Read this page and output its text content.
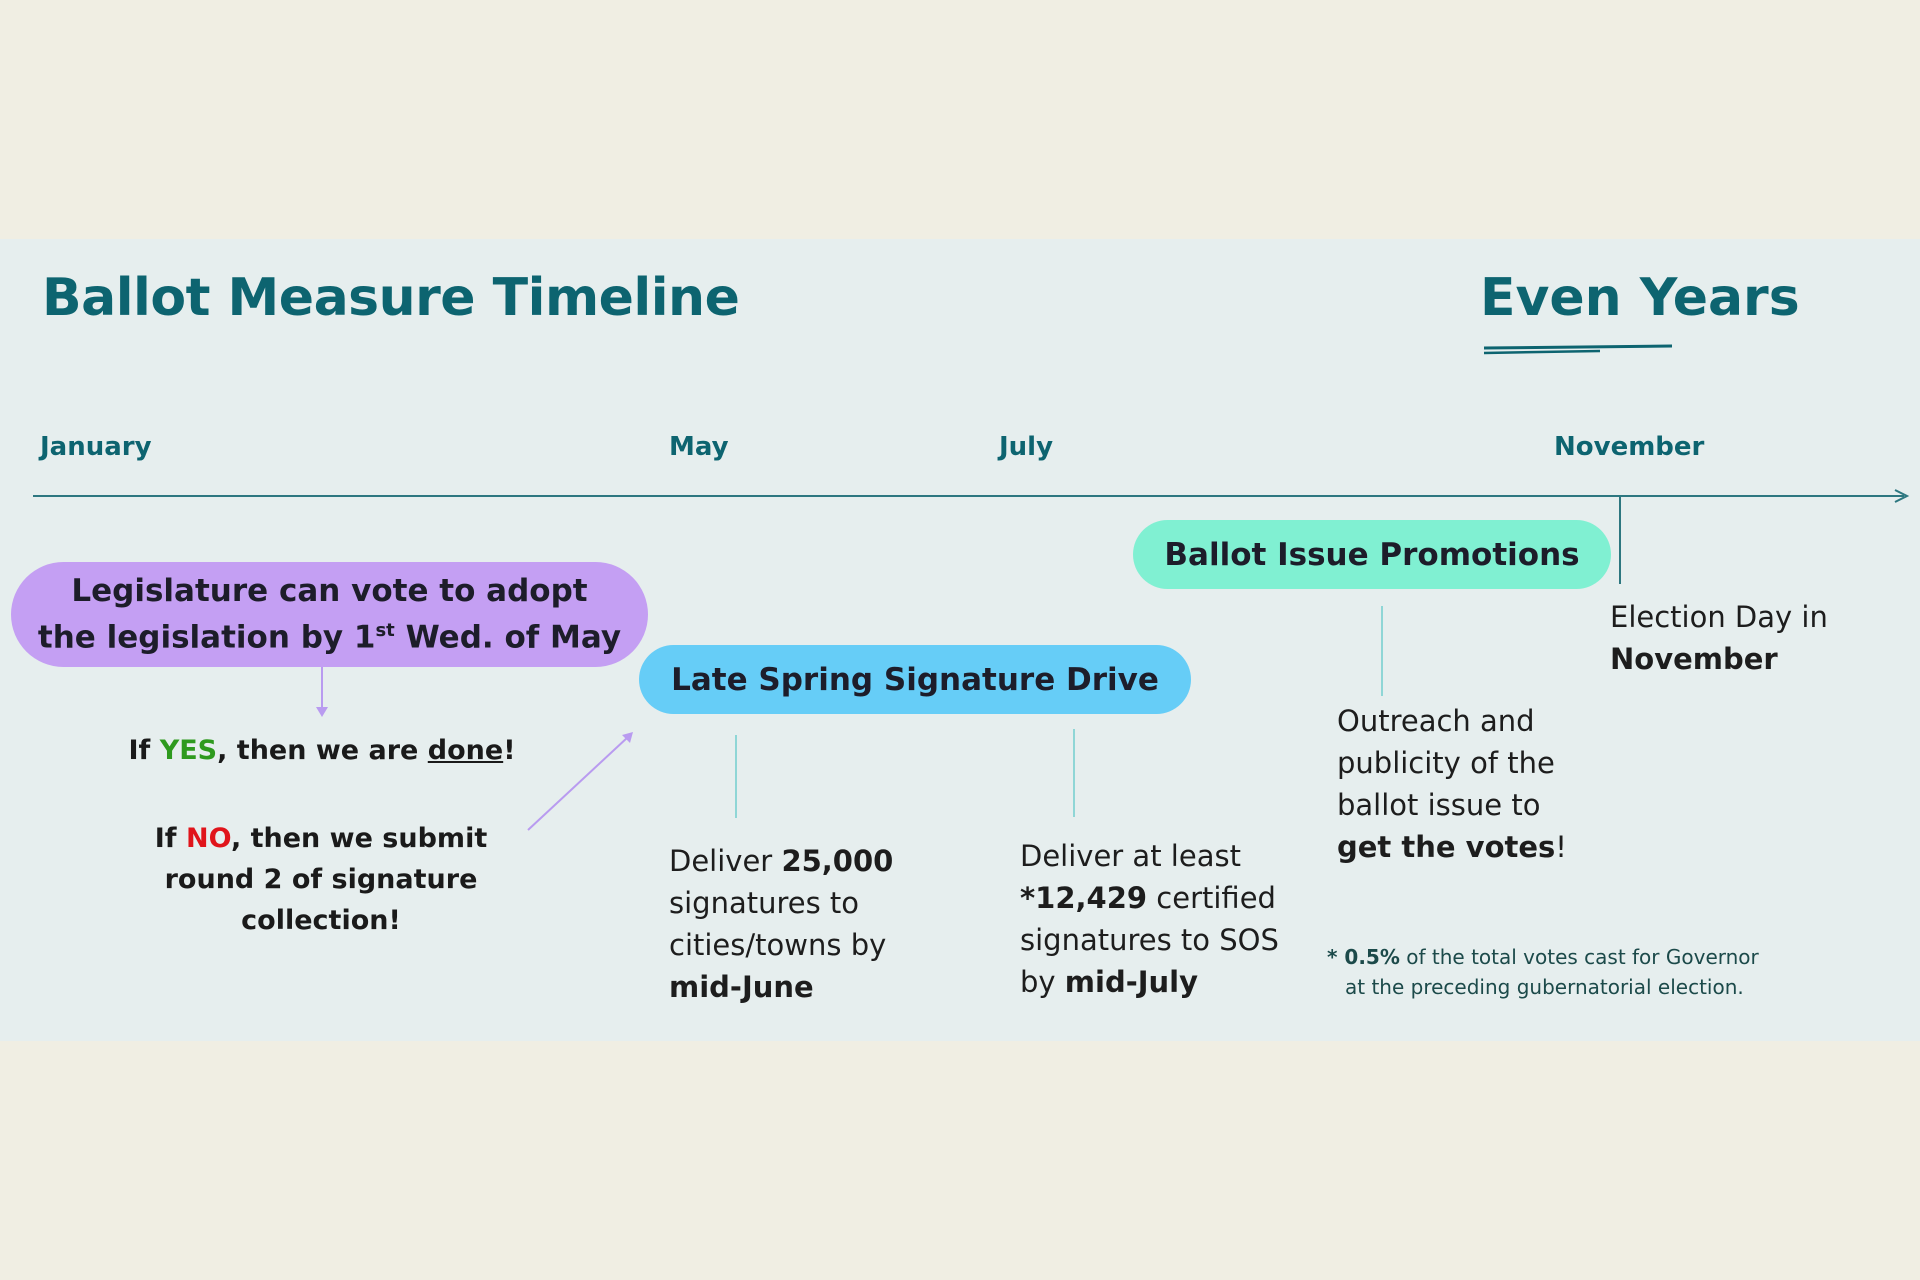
Ballot Measure Timeline	Even Years
January	May	July	November
Legislature can vote to adopt
the legislation by 1st Wed. of May
If YES, then we are done!
If NO, then we submit
round 2 of signature
collection!
Late Spring Signature Drive
Deliver 25,000
signatures to
cities/towns by
mid-June
Deliver at least
*12,429 certified
signatures to SOS
by mid-July
Ballot Issue Promotions
Outreach and
publicity of the
ballot issue to
get the votes!
Election Day in
November
* 0.5% of the total votes cast for Governor
at the preceding gubernatorial election.
